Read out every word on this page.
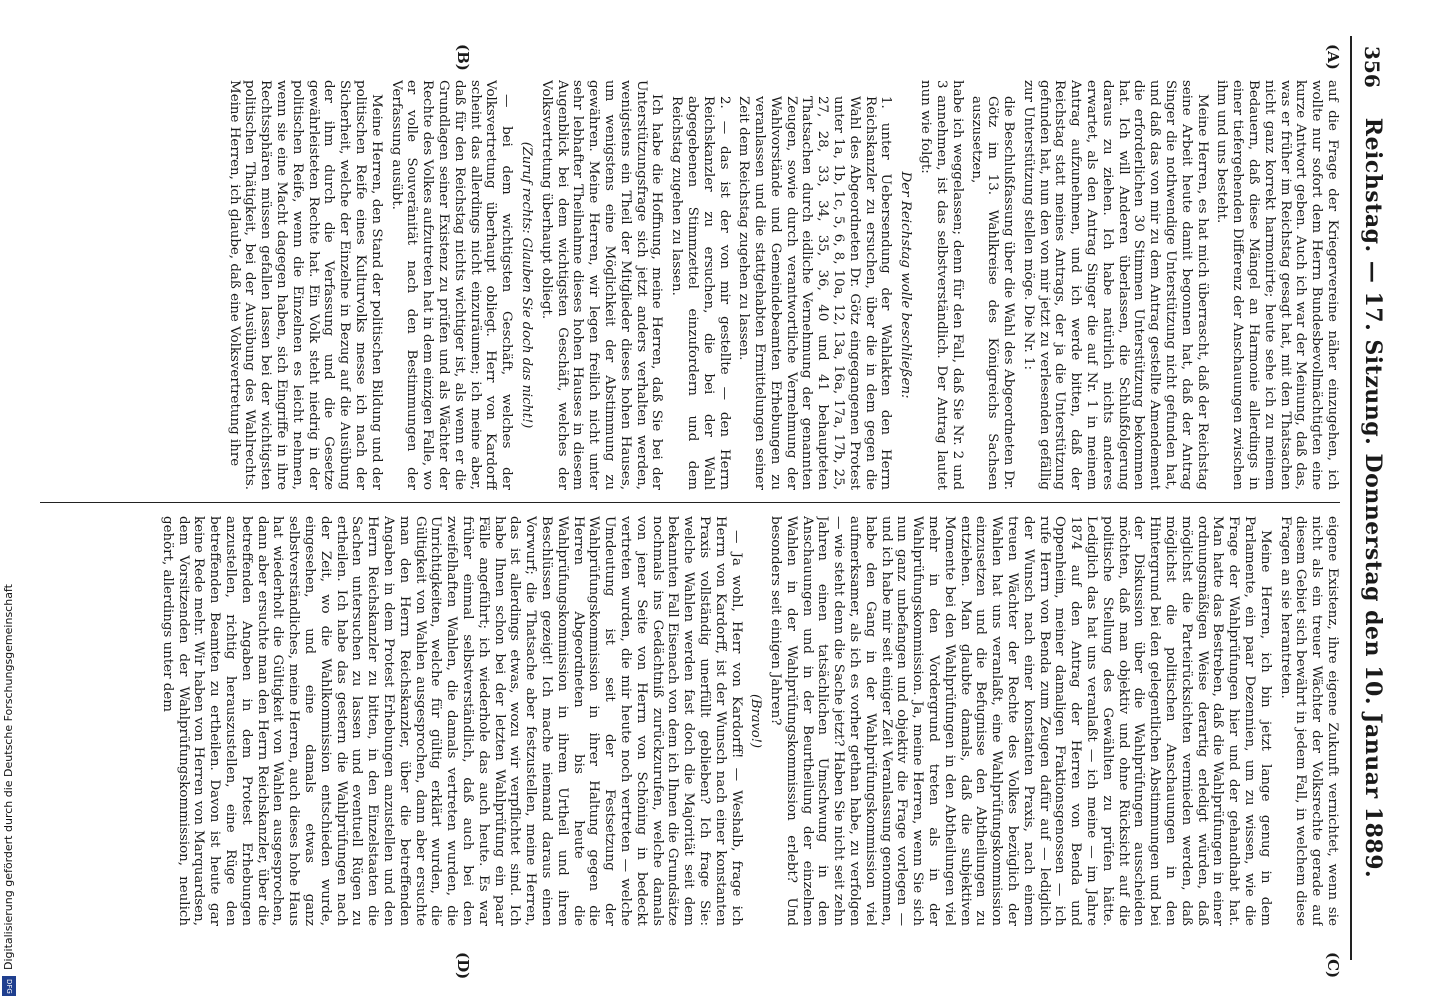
356
Reichstag. — 17. Sitzung. Donnerstag den 10. Januar 1889.
(A)
(B)
(C)
(D)

auf die Frage der Kriegervereine näher einzugehen, ich wollte nur sofort dem Herrn Bundesbevollmächtigten eine kurze Antwort geben. Auch ich war der Meinung, daß das, was er früher im Reichstag gesagt hat, mit den Thatsachen nicht ganz korrekt harmonirte; heute sehe ich zu meinem Bedauern, daß diese Mängel an Harmonie allerdings in einer tiefergehenden Differenz der Anschauungen zwischen ihm und uns besteht.

Meine Herren, es hat mich überrascht, daß der Reichstag seine Arbeit heute damit begonnen hat, daß der Antrag Singer die nothwendige Unterstützung nicht gefunden hat, und daß das von mir zu dem Antrag gestellte Amendement die erforderlichen 30 Stimmen Unterstützung bekommen hat. Ich will Anderen überlassen, die Schlußfolgerung daraus zu ziehen. Ich habe natürlich nichts anderes erwartet, als den Antrag Singer die auf Nr. 1 in meinem Antrag aufzunehmen, und ich werde bitten, daß der Reichstag statt meines Antrags, der ja die Unterstützung gefunden hat, nun den von mir jetzt zu verlesenden gefällig zur Unterstützung stellen möge. Die Nr. 1:

die Beschlußfassung über die Wahl des Abgeordneten Dr. Götz im 13. Wahlkreise des Königreichs Sachsen auszusetzen,

habe ich weggelassen; denn für den Fall, daß Sie Nr. 2 und 3 annehmen, ist das selbstverständlich. Der Antrag lautet nun wie folgt:

Der Reichstag wolle beschließen:

1. unter Uebersendung der Wahlakten den Herrn Reichskanzler zu ersuchen, über die in dem gegen die Wahl des Abgeordneten Dr. Götz eingegangenen Protest unter 1a, 1b, 1c, 5, 6, 8, 10a, 12, 13a, 16a, 17a, 17b, 25, 27, 28, 33, 34, 35, 36, 40 und 41 behaupteten Thatsachen durch eidliche Vernehmung der genannten Zeugen, sowie durch verantwortliche Vernehmung der Wahlvorstände und Gemeindebeamten Erhebungen zu veranlassen und die stattgehabten Ermittelungen seiner Zeit dem Reichstag zugehen zu lassen.

2. — das ist der von mir gestellte — den Herrn Reichskanzler zu ersuchen, die bei der Wahl abgegebenen Stimmzettel einzufordern und dem Reichstag zugehen zu lassen.

Ich habe die Hoffnung, meine Herren, daß Sie bei der Unterstützungsfrage sich jetzt anders verhalten werden, wenigstens ein Theil der Mitglieder dieses hohen Hauses, um wenigstens eine Möglichkeit der Abstimmung zu gewähren. Meine Herren, wir legen freilich nicht unter sehr lebhafter Theilnahme dieses hohen Hauses in diesem Augenblick bei dem wichtigsten Geschäft, welches der Volksvertretung überhaupt obliegt.

(Zuruf rechts: Glauben Sie doch das nicht!)

— bei dem wichtigsten Geschäft, welches der Volksvertretung überhaupt obliegt. Herr von Kardorff scheint das allerdings nicht einzuräumen; ich meine aber, daß für den Reichstag nichts wichtiger ist, als wenn er die Grundlagen seiner Existenz zu prüfen und als Wächter der Rechte des Volkes aufzutreten hat in dem einzigen Falle, wo er volle Souveränität nach den Bestimmungen der Verfassung ausübt.

Meine Herren, den Stand der politischen Bildung und der politischen Reife eines Kulturvolks messe ich nach der Sicherheit, welche der Einzelne in Bezug auf die Ausübung der ihm durch die Verfassung und die Gesetze gewährleisteten Rechte hat. Ein Volk steht niedrig in der politischen Reife, wenn die Einzelnen es leicht nehmen, wenn sie eine Macht dagegen haben, sich Eingriffe in ihre Rechtssphären müssen gefallen lassen bei der wichtigsten politischen Thätigkeit, bei der Ausübung des Wahlrechts. Meine Herren, ich glaube, daß eine Volksvertretung ihre

eigene Existenz, ihre eigene Zukunft vernichtet, wenn sie nicht als ein treuer Wächter der Volksrechte gerade auf diesem Gebiet sich bewährt in jedem Fall, in welchem diese Fragen an sie herantreten.

Meine Herren, ich bin jetzt lange genug in dem Parlamente, ein paar Dezennien, um zu wissen, wie die Frage der Wahlprüfungen hier und der gehandhabt hat. Man hatte das Bestreben, daß die Wahlprüfungen in einer ordnungsmäßigen Weise derartig erledigt würden, daß möglichst die Parteirücksichten vermieden werden, daß möglichst die politischen Anschauungen in den Hintergrund bei den gelegentlichen Abstimmungen und bei der Diskussion über die Wahlprüfungen ausscheiden möchten, daß man objektiv und ohne Rücksicht auf die politische Stellung des Gewählten zu prüfen hätte. Lediglich das hat uns veranlaßt — ich meine — im Jahre 1874 auf den Antrag der Herren von Benda und Oppenheim, meiner damaligen Fraktionsgenossen — ich rufe Herrn von Benda zum Zeugen dafür auf — lediglich der Wunsch nach einer konstanten Praxis, nach einem treuen Wächter der Rechte des Volkes bezüglich der Wahlen hat uns veranlaßt, eine Wahlprüfungskommission einzusetzen und die Befugnisse den Abtheilungen zu entziehen. Man glaubte damals, daß die subjektiven Momente bei den Wahlprüfungen in den Abtheilungen viel mehr in den Vordergrund treten als in der Wahlprüfungskommission. Ja, meine Herren, wenn Sie sich nun ganz unbefangen und objektiv die Frage vorlegen — und ich habe mir seit einiger Zeit Veranlassung genommen, habe den Gang in der Wahlprüfungskommission viel aufmerksamer, als ich es vorher gethan habe, zu verfolgen — wie steht denn die Sache jetzt? Haben Sie nicht seit zehn Jahren einen tatsächlichen Umschwung in den Anschauungen und in der Beurtheilung der einzelnen Wahlen in der Wahlprüfungskommission erlebt? Und besonders seit einigen Jahren?

(Bravo!)

— Ja wohl, Herr von Kardorff! — Weshalb, frage ich Herrn von Kardorff, ist der Wunsch nach einer konstanten Praxis vollständig unerfüllt geblieben? Ich frage Sie: welche Wahlen werden fast doch die Majorität seit dem bekannten Fall Eisenach von dem ich Ihnen die Grundsätze nochmals ins Gedächtniß zurückzurufen, welche damals von jener Seite von Herrn von Schöning in bedeckt vertreten wurden, die mir heute noch vertreten — welche Umdeutung ist seit der Festsetzung der Wahlprüfungskommission in ihrer Haltung gegen die Herren Abgeordneten bis heute die Wahlprüfungskommission in ihrem Urtheil und ihren Beschlüssen gezeigt! Ich mache niemand daraus einen Vorwurf; die Thatsache aber festzustellen, meine Herren, das ist allerdings etwas, wozu wir verpflichtet sind. Ich habe Ihnen schon bei der letzten Wahlprüfung ein paar Fälle angeführt; ich wiederhole das auch heute. Es war früher einmal selbstverständlich, daß auch bei den zweifelhaften Wahlen, die damals vertreten wurden, die Unrichtigkeiten, welche für gültig erklärt wurden, die Gültigkeit von Wahlen ausgesprochen, dann aber ersuchte man den Herrn Reichskanzler, über die betreffenden Angaben in dem Protest Erhebungen anzustellen und den Herrn Reichskanzler zu bitten, in den Einzelstaaten die Sachen untersuchen zu lassen und eventuell Rügen zu ertheilen. Ich habe das gestern die Wahlprüfungen nach der Zeit, wo die Wahlkommission entschieden wurde, eingesehen, und eine damals etwas ganz selbstverständliches, meine Herren, auch dieses hohe Haus hat wiederholt die Gültigkeit von Wahlen ausgesprochen, dann aber ersuchte man den Herrn Reichskanzler, über die betreffenden Angaben in dem Protest Erhebungen anzustellen, richtig herauszustellen, eine Rüge den betreffenden Beamten zu ertheilen. Davon ist heute gar keine Rede mehr. Wir haben von Herren von Marquardsen, dem Vorsitzenden der Wahlprüfungskommission, neulich gehört, allerdings unter dem

Digitalisierung gefördert durch die Deutsche Forschungsgemeinschaft
DFG
